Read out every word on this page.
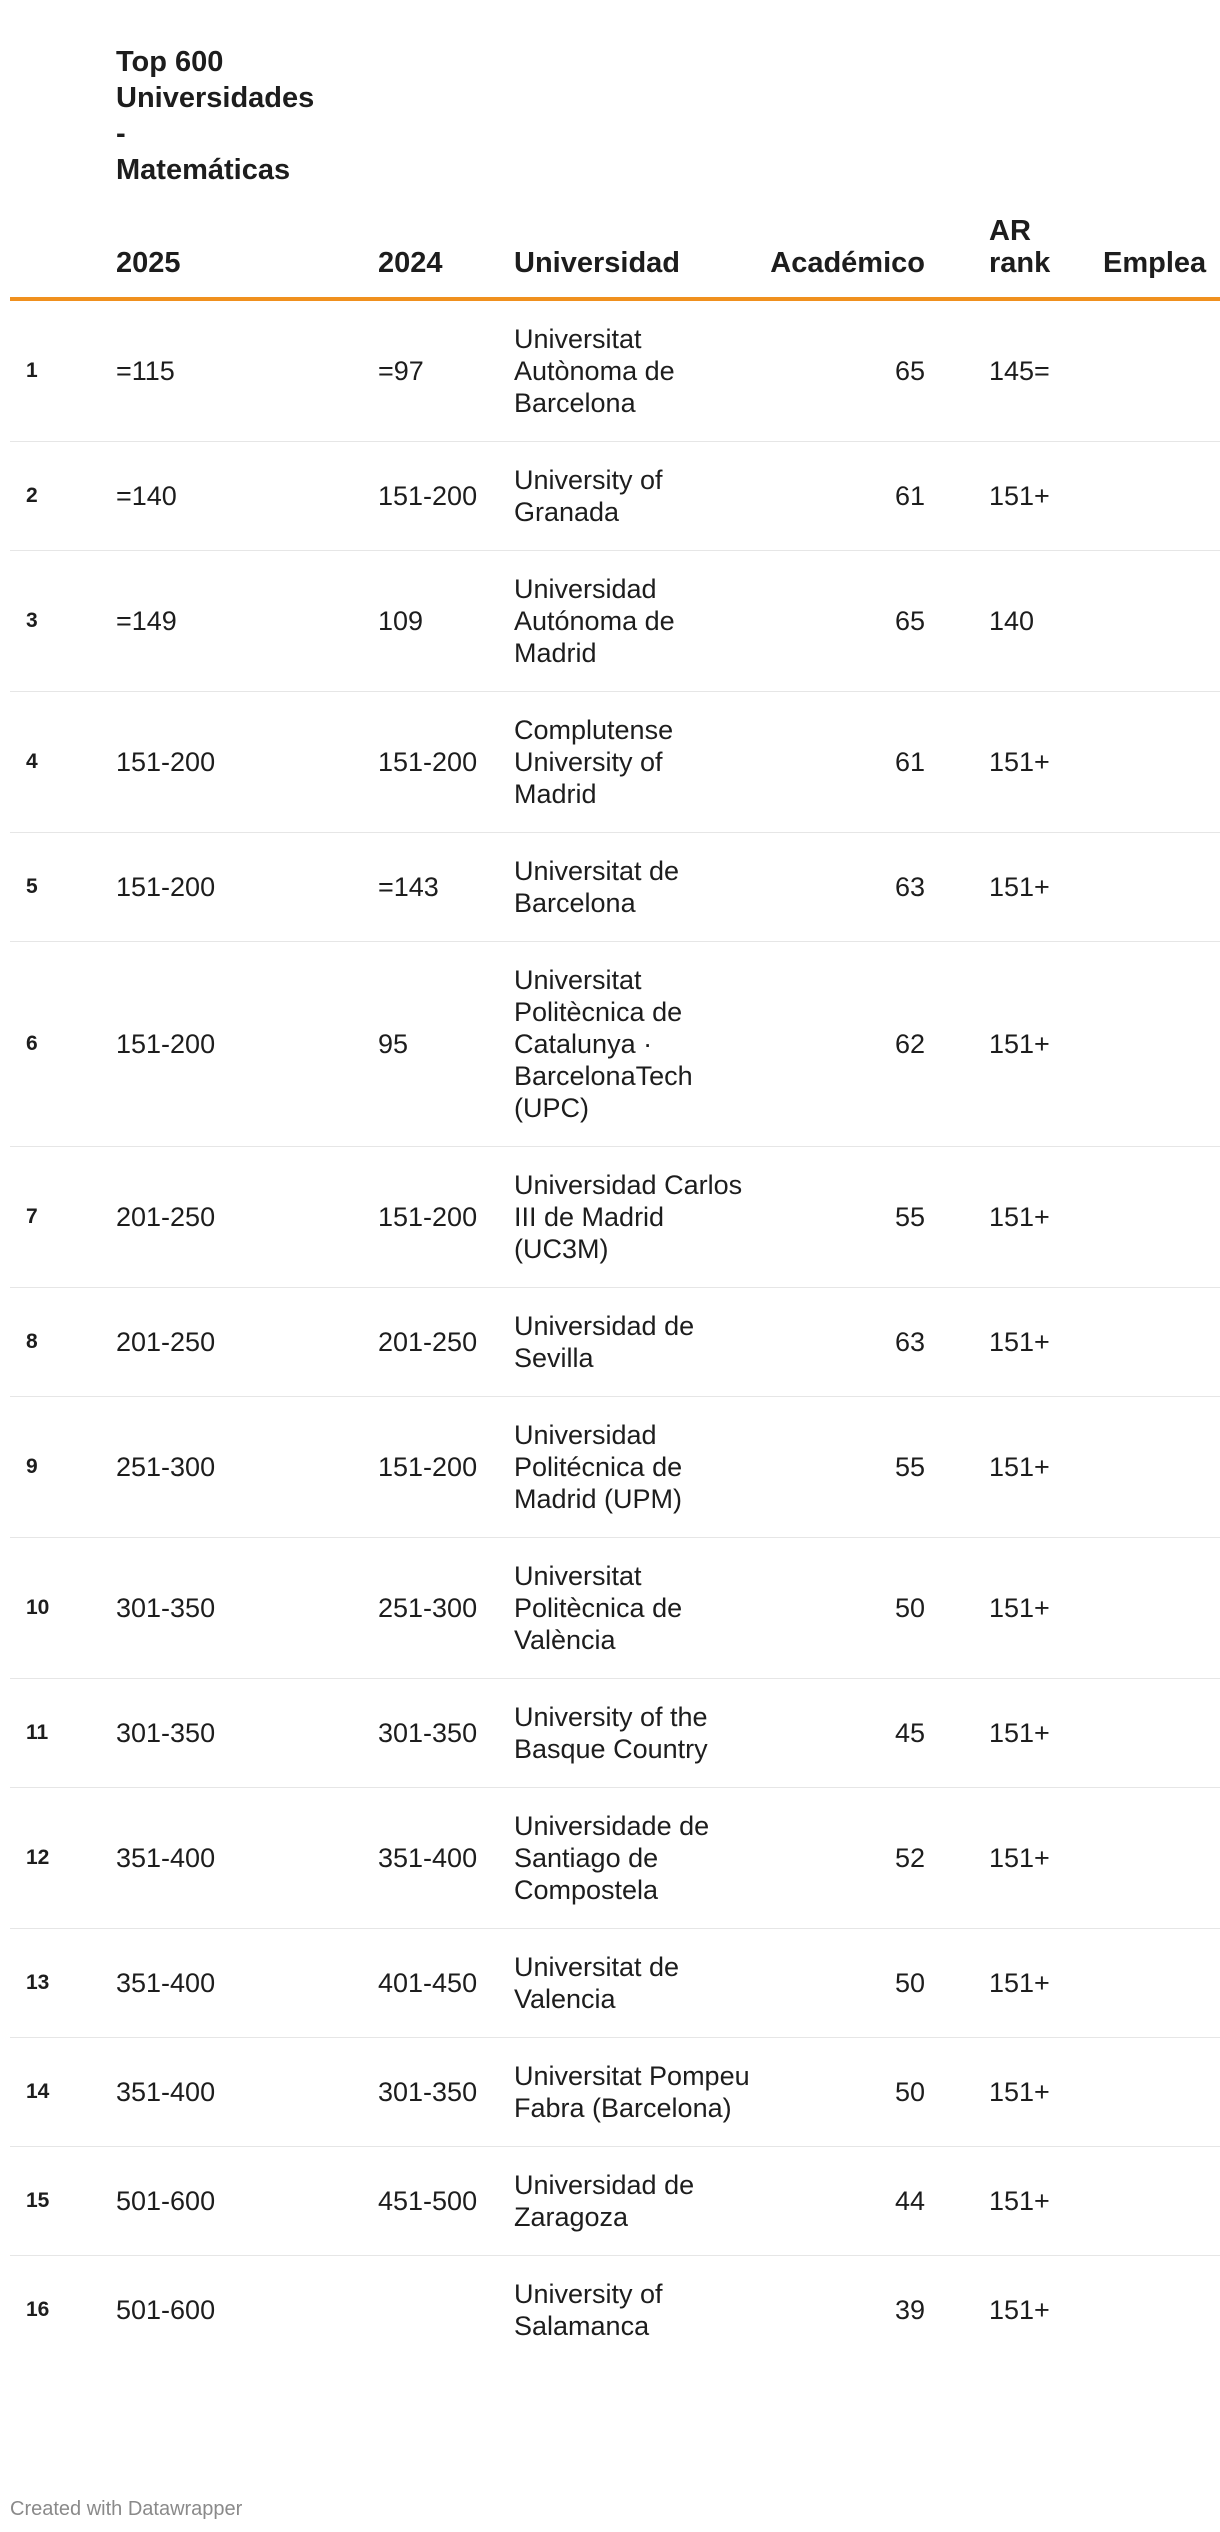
Top 600
Universidades
-
Matemáticas
	2025	2024	Universidad	Académico	AR rank	Emplea
1	=115	=97	Universitat Autònoma de Barcelona	65	145=	
2	=140	151-200	University of Granada	61	151+	
3	=149	109	Universidad Autónoma de Madrid	65	140	
4	151-200	151-200	Complutense University of Madrid	61	151+	
5	151-200	=143	Universitat de Barcelona	63	151+	
6	151-200	95	Universitat Politècnica de Catalunya · BarcelonaTech (UPC)	62	151+	
7	201-250	151-200	Universidad Carlos III de Madrid (UC3M)	55	151+	
8	201-250	201-250	Universidad de Sevilla	63	151+	
9	251-300	151-200	Universidad Politécnica de Madrid (UPM)	55	151+	
10	301-350	251-300	Universitat Politècnica de València	50	151+	
11	301-350	301-350	University of the Basque Country	45	151+	
12	351-400	351-400	Universidade de Santiago de Compostela	52	151+	
13	351-400	401-450	Universitat de Valencia	50	151+	
14	351-400	301-350	Universitat Pompeu Fabra (Barcelona)	50	151+	
15	501-600	451-500	Universidad de Zaragoza	44	151+	
16	501-600		University of Salamanca	39	151+	
Created with Datawrapper
